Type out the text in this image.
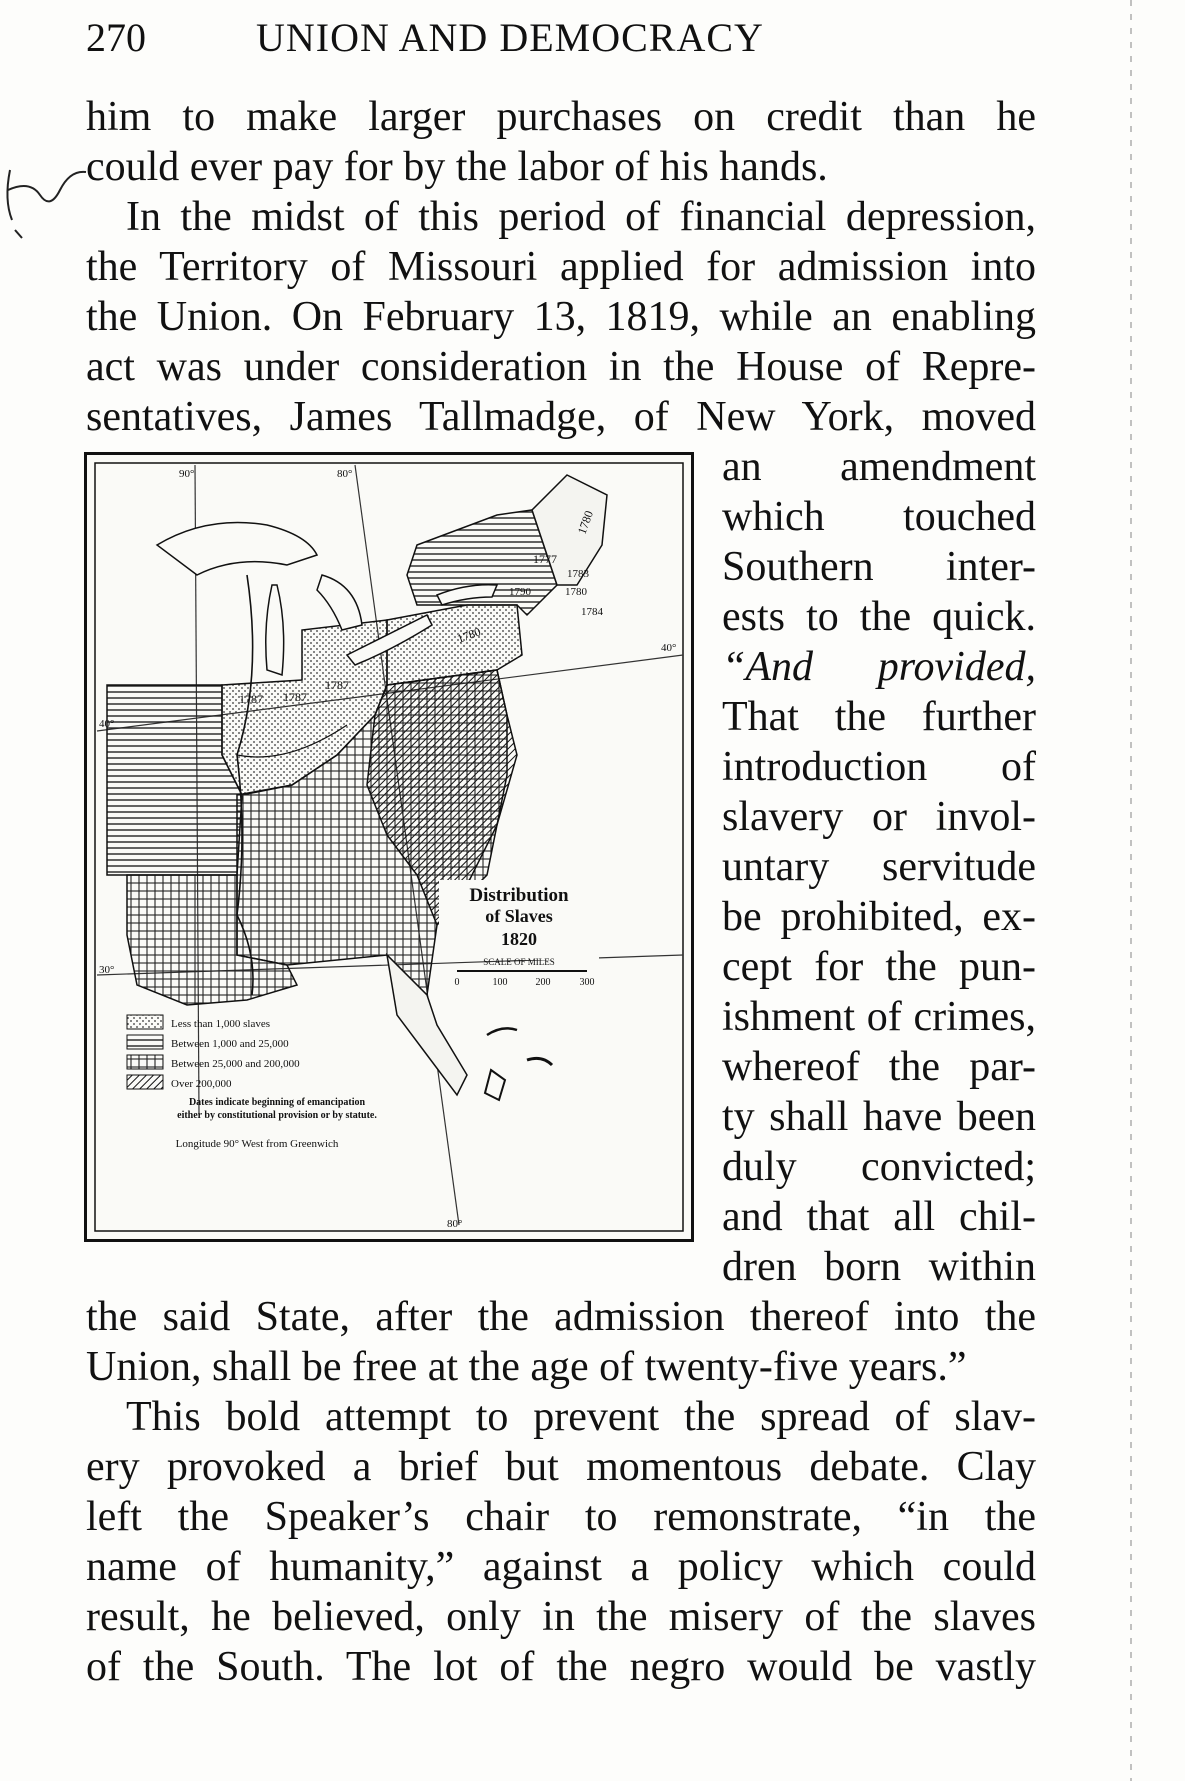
270	UNION AND DEMOCRACY
him to make larger purchases on credit than he
could ever pay for by the labor of his hands.
In the midst of this period of financial depression,
the Territory of Missouri applied for admission into
the Union. On February 13, 1819, while an enabling
act was under consideration in the House of Repre-
sentatives, James Tallmadge, of New York, moved
an amendment
which touched
Southern inter-
ests to the quick.
“And provided,
That the further
introduction of
slavery or invol-
untary servitude
be prohibited, ex-
cept for the pun-
ishment of crimes,
whereof the par-
ty shall have been
duly convicted;
and that all chil-
dren born within
the said State, after the admission thereof into the
Union, shall be free at the age of twenty-five years.”
This bold attempt to prevent the spread of slav-
ery provoked a brief but momentous debate. Clay
left the Speaker’s chair to remonstrate, “in the
name of humanity,” against a policy which could
result, he believed, only in the misery of the slaves
of the South. The lot of the negro would be vastly
90°	80°
40°
40°
30°
80°
1780
1777
1783
1790	1780
1784
1780
1787 1787
1787
Distribution
of Slaves
1820
SCALE OF MILES
0	100	200	300
Less than 1,000 slaves
Between 1,000 and 25,000
Between 25,000 and 200,000
Over 200,000
Dates indicate beginning of emancipation
either by constitutional provision or by statute.
Longitude 90° West from Greenwich
